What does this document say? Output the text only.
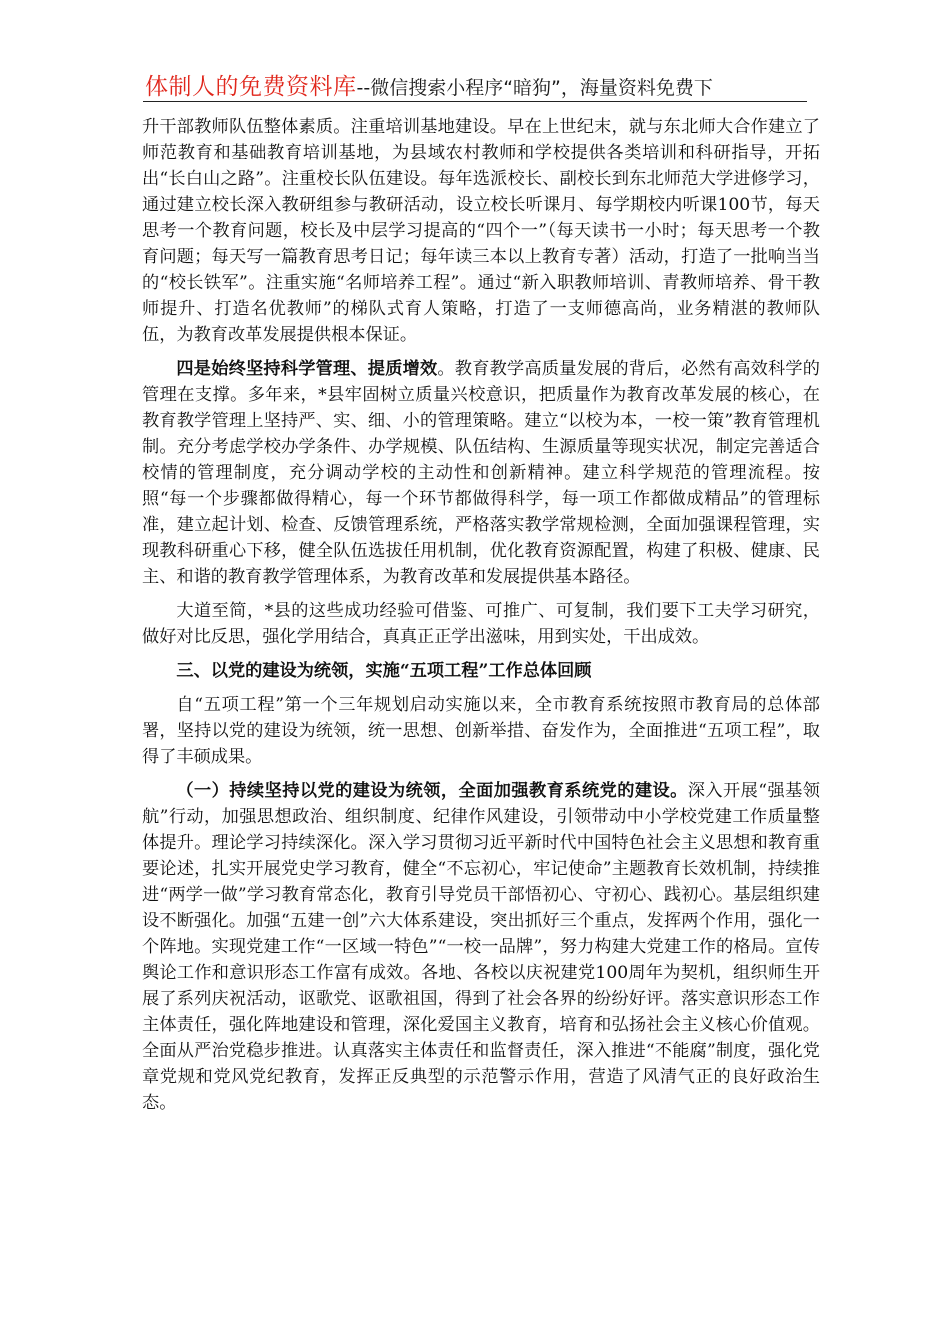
体制人的免费资料库--微信搜索小程序“暗狗”，海量资料免费下

升干部教师队伍整体素质。注重培训基地建设。早在上世纪末，就与东北师大合作建立了师范教育和基础教育培训基地，为县域农村教师和学校提供各类培训和科研指导，开拓出“长白山之路”。注重校长队伍建设。每年选派校长、副校长到东北师范大学进修学习，通过建立校长深入教研组参与教研活动，设立校长听课月、每学期校内听课100节，每天思考一个教育问题，校长及中层学习提高的“四个一”（每天读书一小时；每天思考一个教育问题；每天写一篇教育思考日记；每年读三本以上教育专著）活动，打造了一批响当当的“校长铁军”。注重实施“名师培养工程”。通过“新入职教师培训、青教师培养、骨干教师提升、打造名优教师”的梯队式育人策略，打造了一支师德高尚，业务精湛的教师队伍，为教育改革发展提供根本保证。

四是始终坚持科学管理、提质增效。教育教学高质量发展的背后，必然有高效科学的管理在支撑。多年来，*县牢固树立质量兴校意识，把质量作为教育改革发展的核心，在教育教学管理上坚持严、实、细、小的管理策略。建立“以校为本，一校一策”教育管理机制。充分考虑学校办学条件、办学规模、队伍结构、生源质量等现实状况，制定完善适合校情的管理制度，充分调动学校的主动性和创新精神。建立科学规范的管理流程。按照“每一个步骤都做得精心，每一个环节都做得科学，每一项工作都做成精品”的管理标准，建立起计划、检查、反馈管理系统，严格落实教学常规检测，全面加强课程管理，实现教科研重心下移，健全队伍选拔任用机制，优化教育资源配置，构建了积极、健康、民主、和谐的教育教学管理体系，为教育改革和发展提供基本路径。

大道至简，*县的这些成功经验可借鉴、可推广、可复制，我们要下工夫学习研究，做好对比反思，强化学用结合，真真正正学出滋味，用到实处，干出成效。

三、以党的建设为统领，实施“五项工程”工作总体回顾

自“五项工程”第一个三年规划启动实施以来，全市教育系统按照市教育局的总体部署，坚持以党的建设为统领，统一思想、创新举措、奋发作为，全面推进“五项工程”，取得了丰硕成果。

（一）持续坚持以党的建设为统领，全面加强教育系统党的建设。深入开展“强基领航”行动，加强思想政治、组织制度、纪律作风建设，引领带动中小学校党建工作质量整体提升。理论学习持续深化。深入学习贯彻习近平新时代中国特色社会主义思想和教育重要论述，扎实开展党史学习教育，健全“不忘初心，牢记使命”主题教育长效机制，持续推进“两学一做”学习教育常态化，教育引导党员干部悟初心、守初心、践初心。基层组织建设不断强化。加强“五建一创”六大体系建设，突出抓好三个重点，发挥两个作用，强化一个阵地。实现党建工作“一区域一特色”“一校一品牌”，努力构建大党建工作的格局。宣传舆论工作和意识形态工作富有成效。各地、各校以庆祝建党100周年为契机，组织师生开展了系列庆祝活动，讴歌党、讴歌祖国，得到了社会各界的纷纷好评。落实意识形态工作主体责任，强化阵地建设和管理，深化爱国主义教育，培育和弘扬社会主义核心价值观。全面从严治党稳步推进。认真落实主体责任和监督责任，深入推进“不能腐”制度，强化党章党规和党风党纪教育，发挥正反典型的示范警示作用，营造了风清气正的良好政治生态。
